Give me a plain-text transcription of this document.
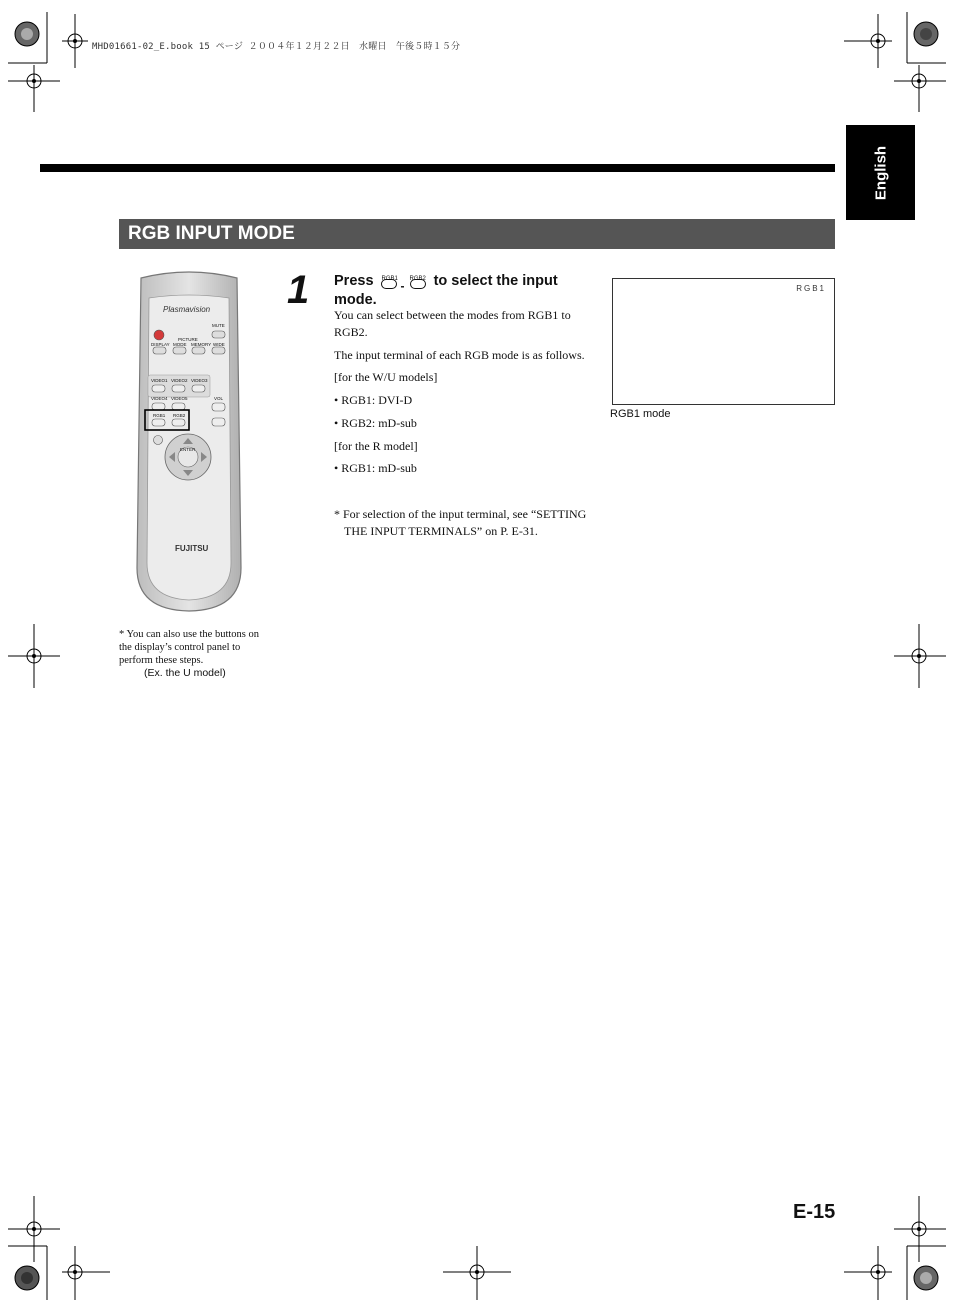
MHD01661-02_E.book 15 ページ ２００４年１２月２２日　水曜日　午後５時１５分
English
RGB INPUT MODE
Plasmavision
MUTE
PICTURE
DISPLAY MODE MEMORY WIDE
VIDEO1 VIDEO2 VIDEO3
VIDEO4 VIDEO5	VOL
RGB1 RGB2
ENTER
FUJITSU
* You can also use the buttons on the display’s control panel to perform these steps.
(Ex. the U model)
1 Press RGB1 RGB2
- to select the input mode.
You can select between the modes from RGB1 to RGB2.
The input terminal of each RGB mode is as follows.
[for the W/U models]
• RGB1: DVI-D
• RGB2: mD-sub
[for the R model]
• RGB1: mD-sub
* For selection of the input terminal, see “SETTING THE INPUT TERMINALS” on P. E-31.
RGB1
RGB1 mode
E-15
